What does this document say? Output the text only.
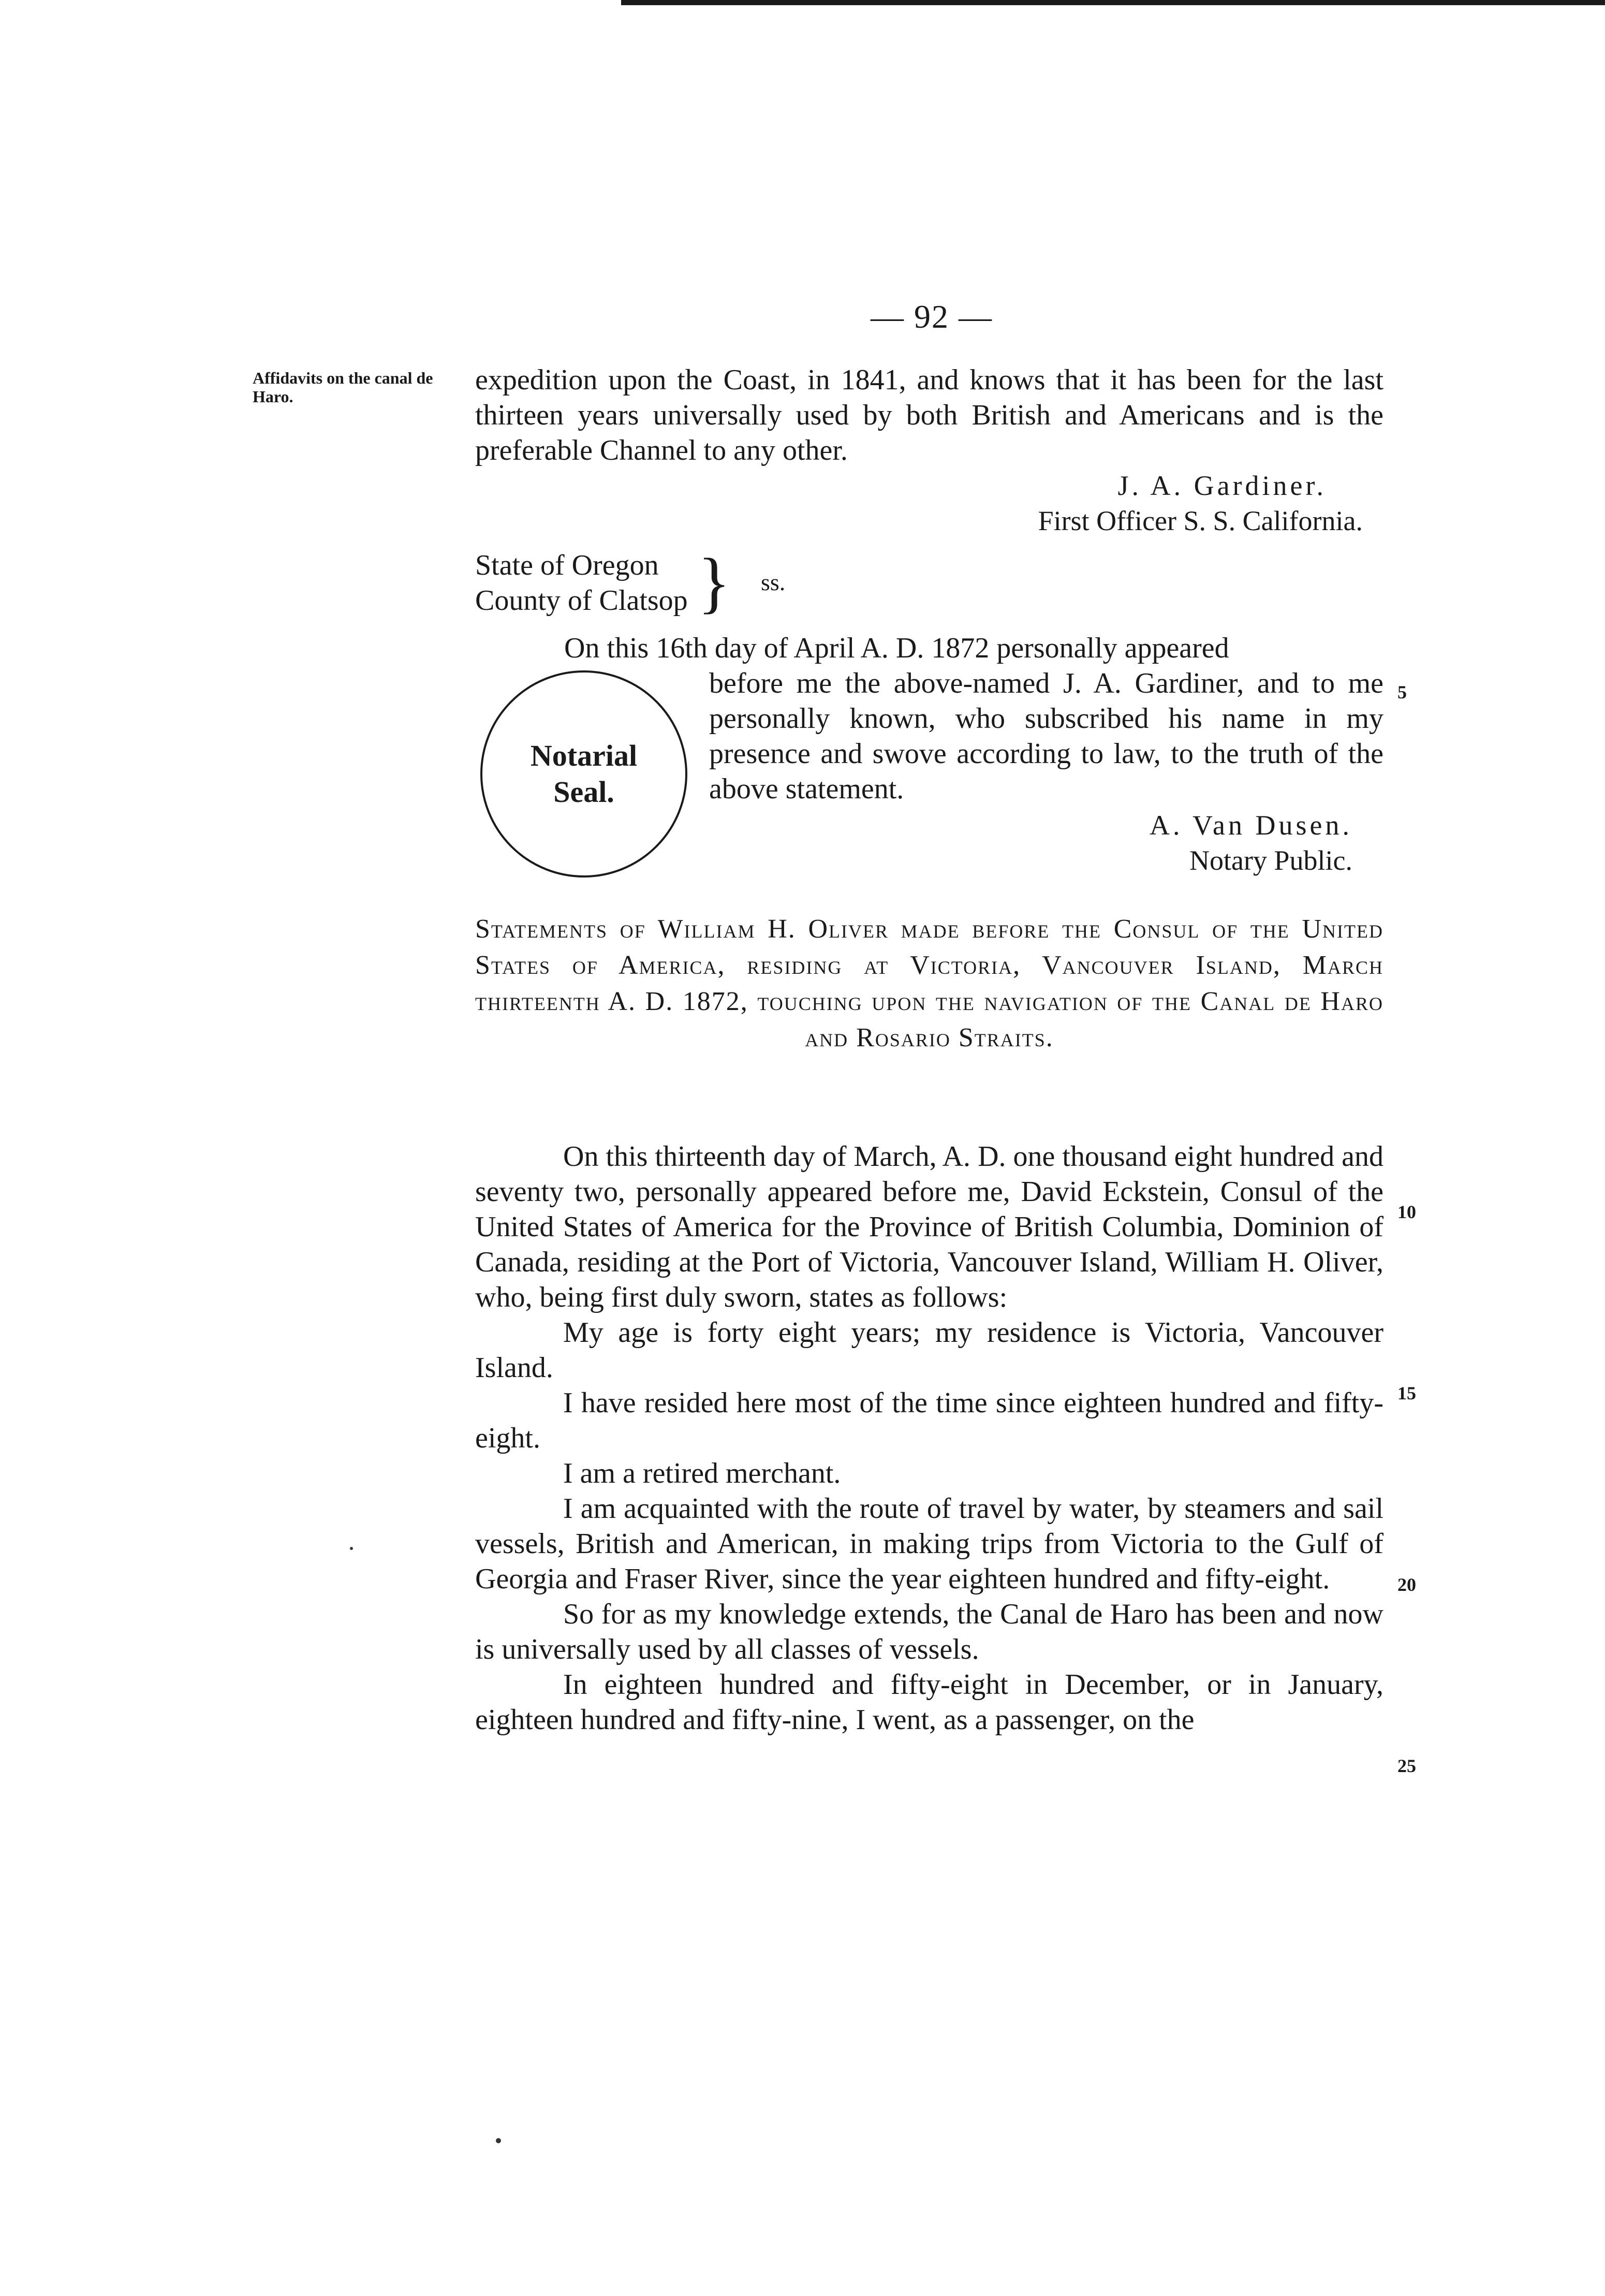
— 92 —
Affidavits on the canal de Haro.
expedition upon the Coast, in 1841, and knows that it has been for the last thirteen years universally used by both British and Americans and is the preferable Channel to any other.
J. A. Gardiner.
First Officer S. S. California.
State of Oregon
County of Clatsop } ss.
On this 16th day of April A. D. 1872 personally appeared
before me the above-named J. A. Gardiner, and to me personally known, who subscribed his name in my presence and swove according to law, to the truth of the above statement.
Notarial
Seal.
A. Van Dusen.
Notary Public.
Statements of William H. Oliver made before the Consul of the United States of America, residing at Victoria, Vancouver Island, March thirteenth A. D. 1872, touching upon the navigation of the Canal de Haro and Rosario Straits.
On this thirteenth day of March, A. D. one thousand eight hundred and seventy two, personally appeared before me, David Eckstein, Consul of the United States of America for the Province of British Columbia, Dominion of Canada, residing at the Port of Victoria, Vancouver Island, William H. Oliver, who, being first duly sworn, states as follows:
My age is forty eight years; my residence is Victoria, Vancouver Island.
I have resided here most of the time since eighteen hundred and fifty-eight.
I am a retired merchant.
I am acquainted with the route of travel by water, by steamers and sail vessels, British and American, in making trips from Victoria to the Gulf of Georgia and Fraser River, since the year eighteen hundred and fifty-eight.
So for as my knowledge extends, the Canal de Haro has been and now is universally used by all classes of vessels.
In eighteen hundred and fifty-eight in December, or in January, eighteen hundred and fifty-nine, I went, as a passenger, on the
5
10
15
20
25
